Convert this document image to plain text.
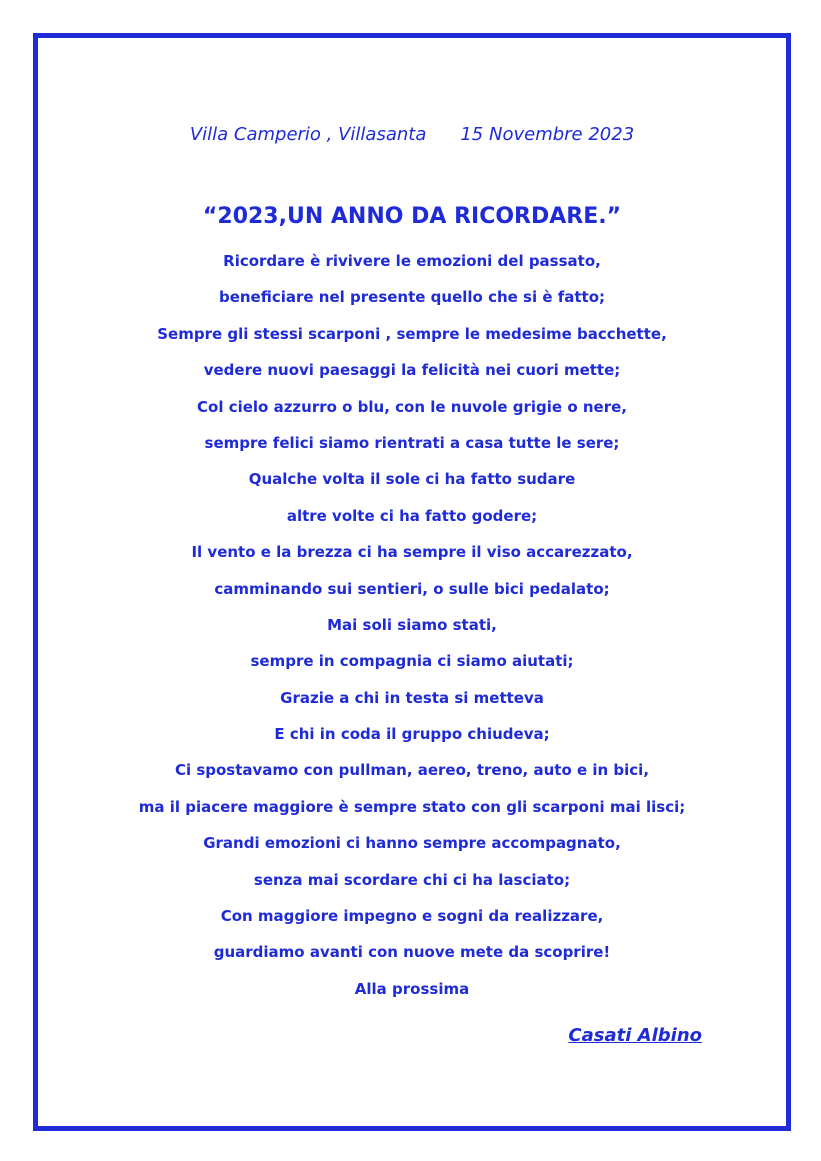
Villa Camperio , Villasanta 15 Novembre 2023
“2023,UN ANNO DA RICORDARE.”
Ricordare è rivivere le emozioni del passato,
beneficiare nel presente quello che si è fatto;
Sempre gli stessi scarponi , sempre le medesime bacchette,
vedere nuovi paesaggi la felicità nei cuori mette;
Col cielo azzurro o blu, con le nuvole grigie o nere,
sempre felici siamo rientrati a casa tutte le sere;
Qualche volta il sole ci ha fatto sudare
altre volte ci ha fatto godere;
Il vento e la brezza ci ha sempre il viso accarezzato,
camminando sui sentieri, o sulle bici pedalato;
Mai soli siamo stati,
sempre in compagnia ci siamo aiutati;
Grazie a chi in testa si metteva
E chi in coda il gruppo chiudeva;
Ci spostavamo con pullman, aereo, treno, auto e in bici,
ma il piacere maggiore è sempre stato con gli scarponi mai lisci;
Grandi emozioni ci hanno sempre accompagnato,
senza mai scordare chi ci ha lasciato;
Con maggiore impegno e sogni da realizzare,
guardiamo avanti con nuove mete da scoprire!
Alla prossima
Casati Albino
